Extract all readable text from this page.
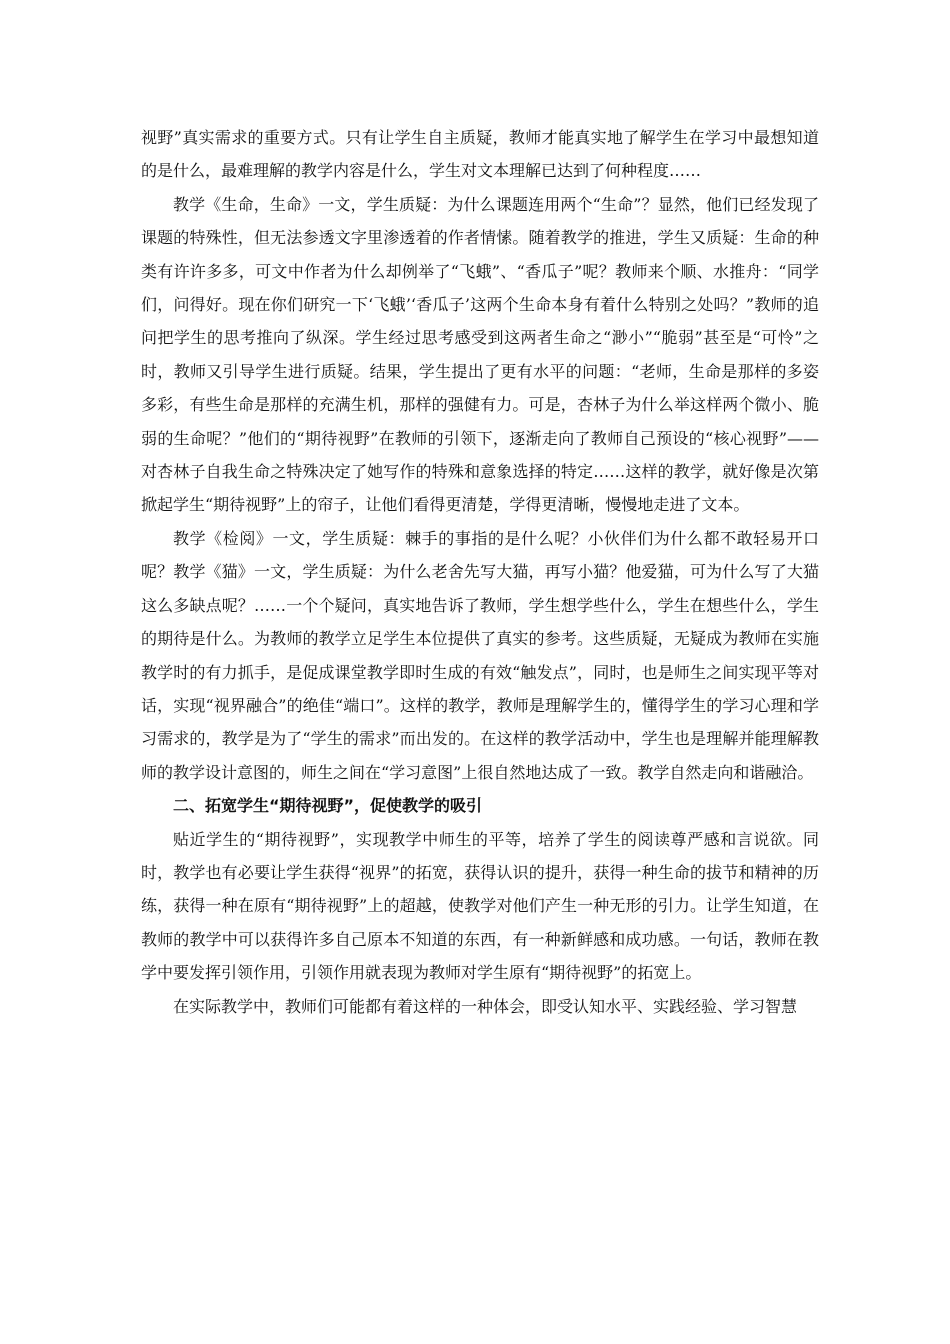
视野”真实需求的重要方式。只有让学生自主质疑，教师才能真实地了解学生在学习中最想知道的是什么，最难理解的教学内容是什么，学生对文本理解已达到了何种程度……

教学《生命，生命》一文，学生质疑：为什么课题连用两个“生命”？显然，他们已经发现了课题的特殊性，但无法参透文字里渗透着的作者情愫。随着教学的推进，学生又质疑：生命的种类有许许多多，可文中作者为什么却例举了“飞蛾”、“香瓜子”呢？教师来个顺、水推舟：“同学们，问得好。现在你们研究一下‘飞蛾’‘香瓜子’这两个生命本身有着什么特别之处吗？”教师的追问把学生的思考推向了纵深。学生经过思考感受到这两者生命之“渺小”“脆弱”甚至是“可怜”之时，教师又引导学生进行质疑。结果，学生提出了更有水平的问题：“老师，生命是那样的多姿多彩，有些生命是那样的充满生机，那样的强健有力。可是，杏林子为什么举这样两个微小、脆弱的生命呢？”他们的“期待视野”在教师的引领下，逐渐走向了教师自己预设的“核心视野”——对杏林子自我生命之特殊决定了她写作的特殊和意象选择的特定……这样的教学，就好像是次第掀起学生“期待视野”上的帘子，让他们看得更清楚，学得更清晰，慢慢地走进了文本。

教学《检阅》一文，学生质疑：棘手的事指的是什么呢？小伙伴们为什么都不敢轻易开口呢？教学《猫》一文，学生质疑：为什么老舍先写大猫，再写小猫？他爱猫，可为什么写了大猫这么多缺点呢？……一个个疑问，真实地告诉了教师，学生想学些什么，学生在想些什么，学生的期待是什么。为教师的教学立足学生本位提供了真实的参考。这些质疑，无疑成为教师在实施教学时的有力抓手，是促成课堂教学即时生成的有效“触发点”，同时，也是师生之间实现平等对话，实现“视界融合”的绝佳“端口”。这样的教学，教师是理解学生的，懂得学生的学习心理和学习需求的，教学是为了“学生的需求”而出发的。在这样的教学活动中，学生也是理解并能理解教师的教学设计意图的，师生之间在“学习意图”上很自然地达成了一致。教学自然走向和谐融洽。

二、拓宽学生“期待视野”，促使教学的吸引

贴近学生的“期待视野”，实现教学中师生的平等，培养了学生的阅读尊严感和言说欲。同时，教学也有必要让学生获得“视界”的拓宽，获得认识的提升，获得一种生命的拔节和精神的历练，获得一种在原有“期待视野”上的超越，使教学对他们产生一种无形的引力。让学生知道，在教师的教学中可以获得许多自己原本不知道的东西，有一种新鲜感和成功感。一句话，教师在教学中要发挥引领作用，引领作用就表现为教师对学生原有“期待视野”的拓宽上。

在实际教学中，教师们可能都有着这样的一种体会，即受认知水平、实践经验、学习智慧
